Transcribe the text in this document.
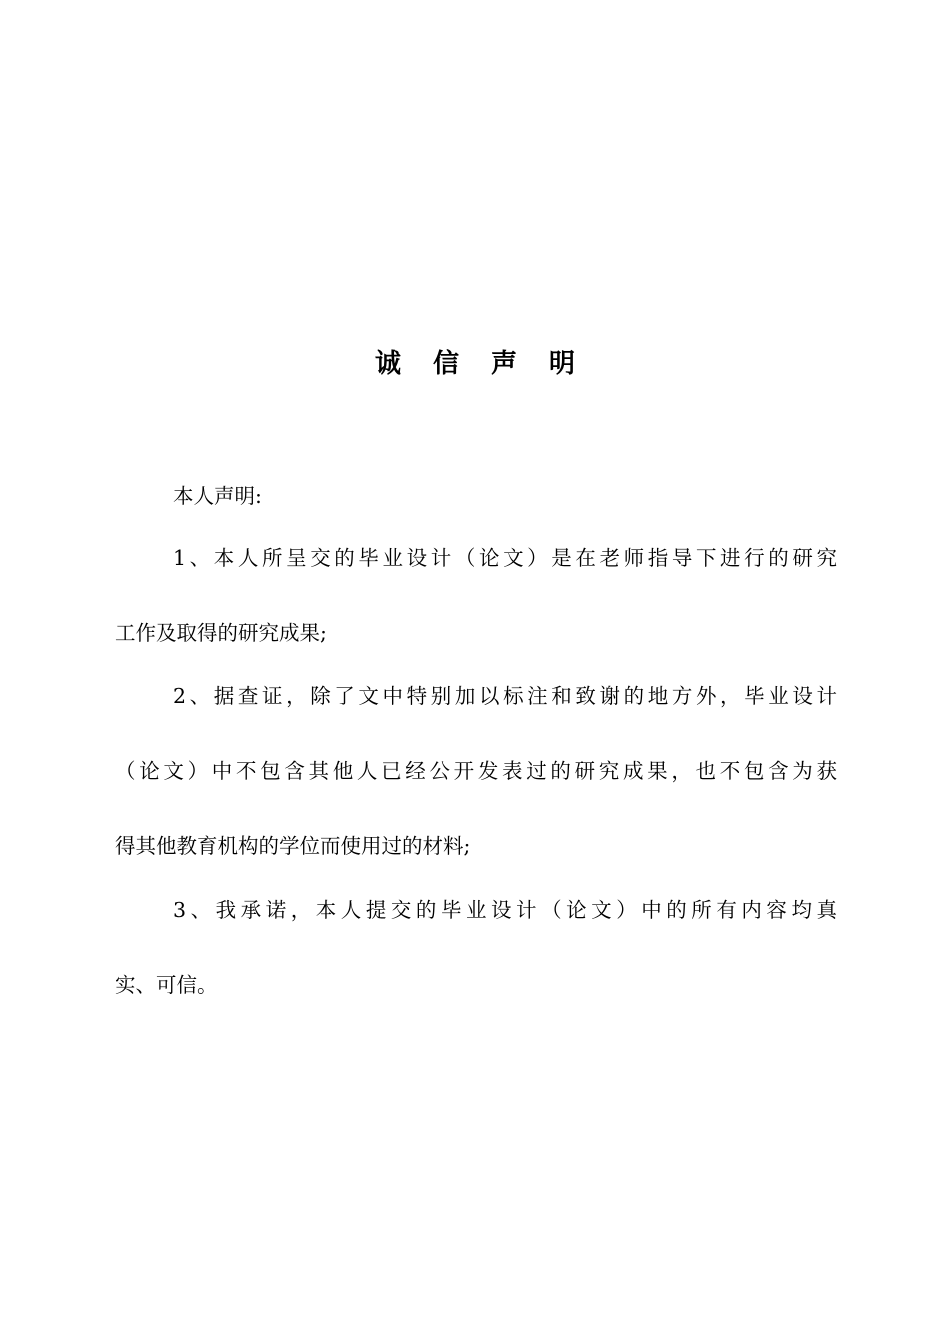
诚信声明
本人声明:
1、本人所呈交的毕业设计（论文）是在老师指导下进行的研究
工作及取得的研究成果;
2、据查证，除了文中特别加以标注和致谢的地方外，毕业设计
（论文）中不包含其他人已经公开发表过的研究成果，也不包含为获
得其他教育机构的学位而使用过的材料;
3、我承诺，本人提交的毕业设计（论文）中的所有内容均真
实、可信。
